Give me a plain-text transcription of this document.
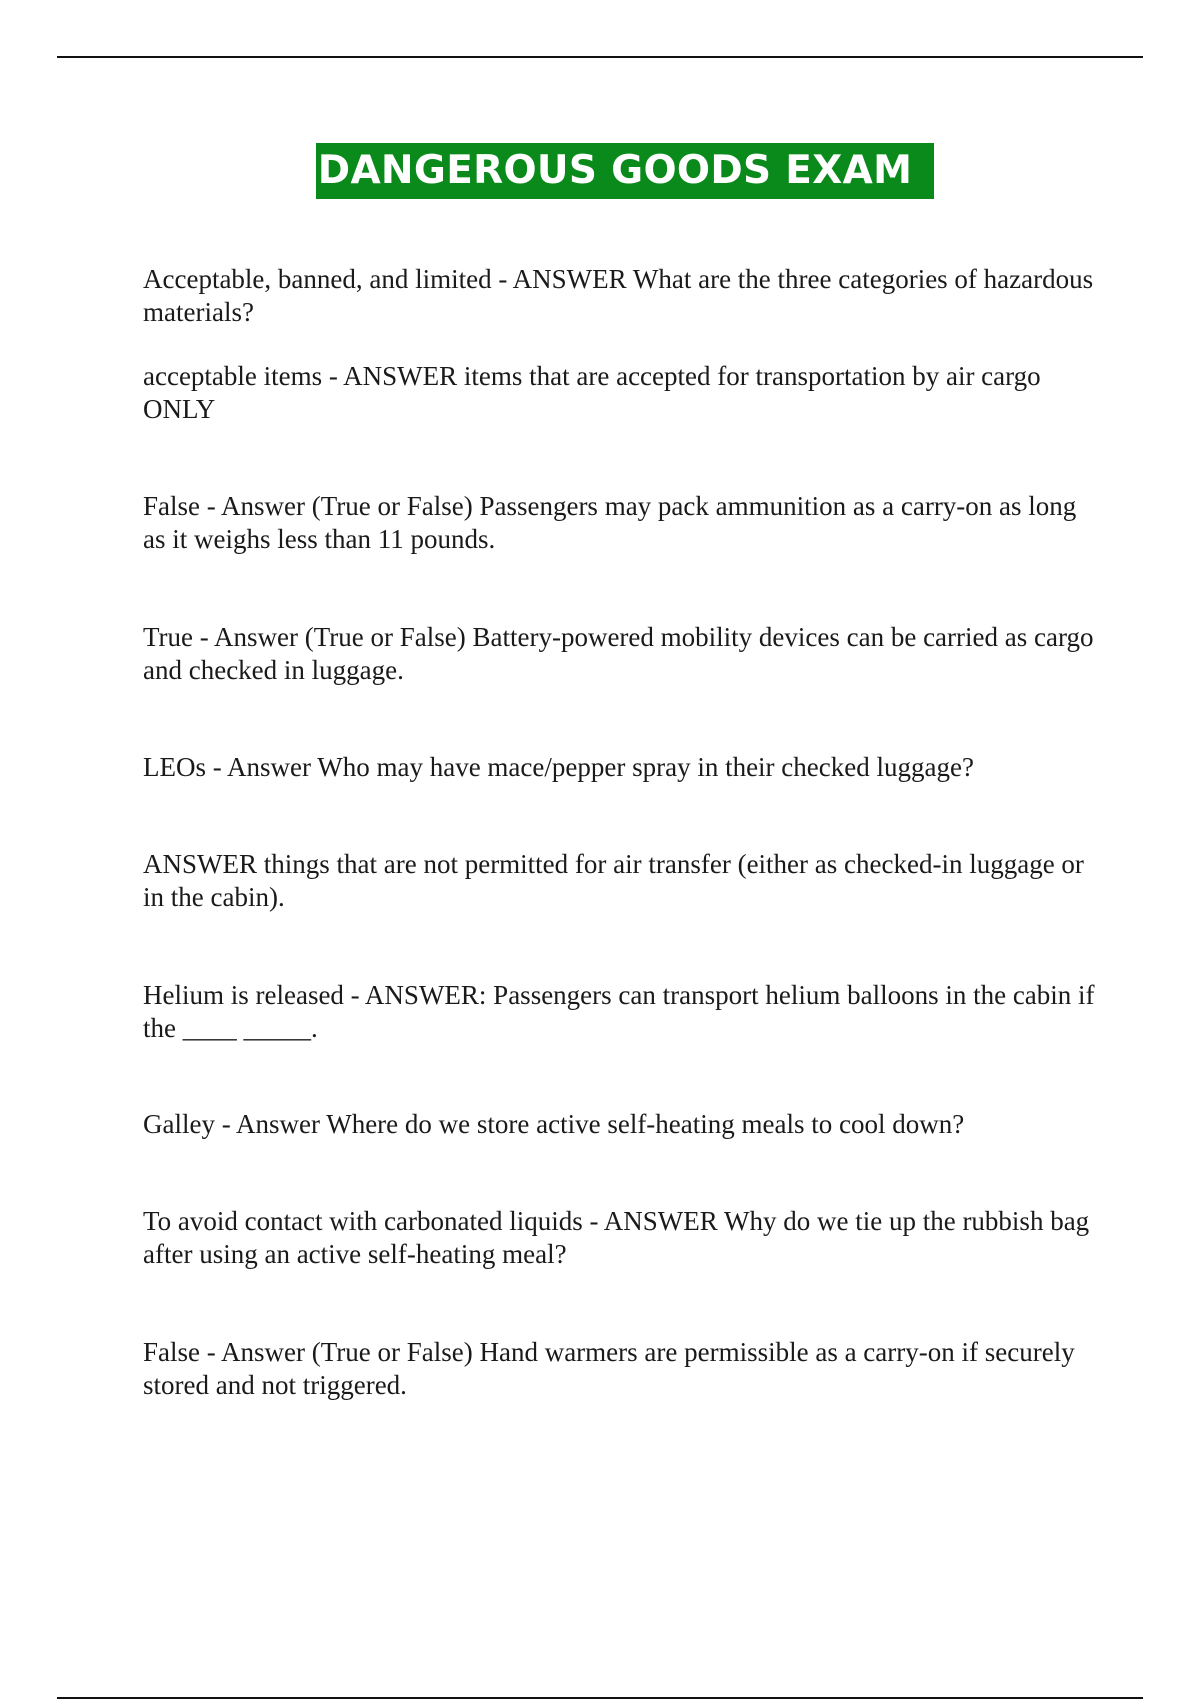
DANGEROUS GOODS EXAM

Acceptable, banned, and limited - ANSWER What are the three categories of hazardous materials?

acceptable items - ANSWER items that are accepted for transportation by air cargo ONLY

False - Answer (True or False) Passengers may pack ammunition as a carry-on as long as it weighs less than 11 pounds.

True - Answer (True or False) Battery-powered mobility devices can be carried as cargo and checked in luggage.

LEOs - Answer Who may have mace/pepper spray in their checked luggage?

ANSWER things that are not permitted for air transfer (either as checked-in luggage or in the cabin).

Helium is released - ANSWER: Passengers can transport helium balloons in the cabin if the ____ _____.

Galley - Answer Where do we store active self-heating meals to cool down?

To avoid contact with carbonated liquids - ANSWER Why do we tie up the rubbish bag after using an active self-heating meal?

False - Answer (True or False) Hand warmers are permissible as a carry-on if securely stored and not triggered.
